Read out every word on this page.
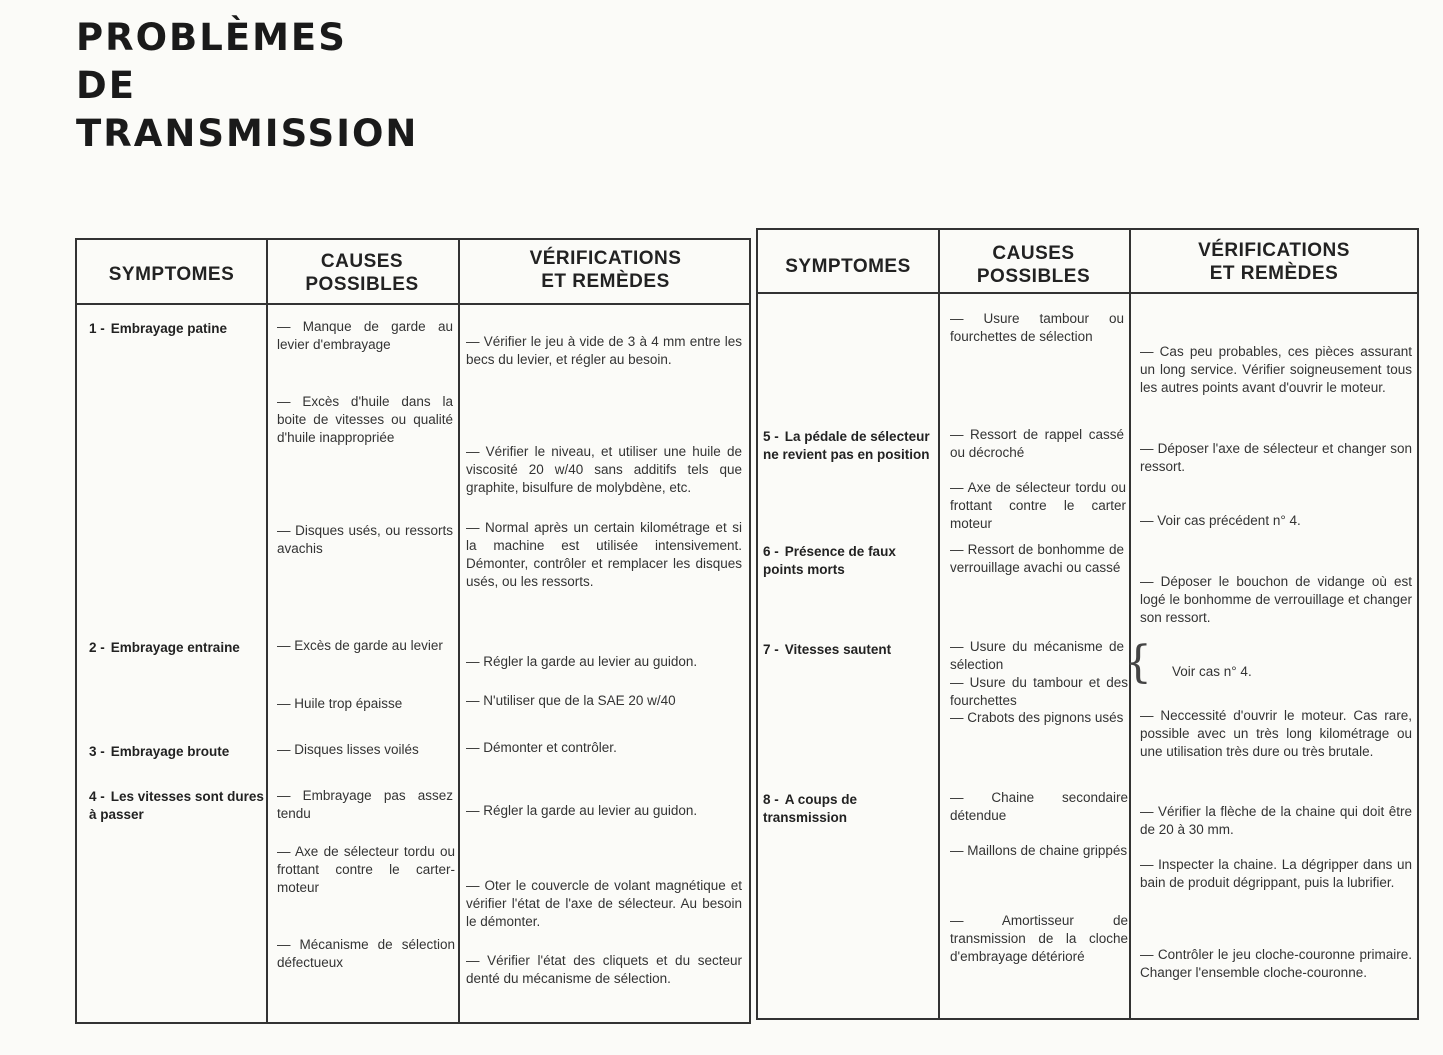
PROBLÈMES
DE
TRANSMISSION
SYMPTOMES
CAUSES
POSSIBLES
VÉRIFICATIONS
ET REMÈDES
1 - Embrayage patine
2 - Embrayage entraine
3 - Embrayage broute
4 - Les vitesses sont dures à passer
— Manque de garde au levier d'embrayage
— Excès d'huile dans la boite de vitesses ou qualité d'huile inappropriée
— Disques usés, ou ressorts avachis
— Excès de garde au levier
— Huile trop épaisse
— Disques lisses voilés
— Embrayage pas assez tendu
— Axe de sélecteur tordu ou frottant contre le carter-moteur
— Mécanisme de sélection défectueux
— Vérifier le jeu à vide de 3 à 4 mm entre les becs du levier, et régler au besoin.
— Vérifier le niveau, et utiliser une huile de viscosité 20 w/40 sans additifs tels que graphite, bisulfure de molybdène, etc.
— Normal après un certain kilométrage et si la machine est utilisée intensivement. Démonter, contrôler et remplacer les disques usés, ou les ressorts.
— Régler la garde au levier au guidon.
— N'utiliser que de la SAE 20 w/40
— Démonter et contrôler.
— Régler la garde au levier au guidon.
— Oter le couvercle de volant magnétique et vérifier l'état de l'axe de sélecteur. Au besoin le démonter.
— Vérifier l'état des cliquets et du secteur denté du mécanisme de sélection.
SYMPTOMES
CAUSES
POSSIBLES
VÉRIFICATIONS
ET REMÈDES
5 - La pédale de sélecteur ne revient pas en position
6 - Présence de faux points morts
7 - Vitesses sautent
8 - A coups de transmission
— Usure tambour ou fourchettes de sélection
— Ressort de rappel cassé ou décroché
— Axe de sélecteur tordu ou frottant contre le carter moteur
— Ressort de bonhomme de verrouillage avachi ou cassé
— Usure du mécanisme de sélection
— Usure du tambour et des fourchettes
— Crabots des pignons usés
— Chaine secondaire détendue
— Maillons de chaine grippés
— Amortisseur de transmission de la cloche d'embrayage détérioré
{
— Cas peu probables, ces pièces assurant un long service. Vérifier soigneusement tous les autres points avant d'ouvrir le moteur.
— Déposer l'axe de sélecteur et changer son ressort.
— Voir cas précédent n° 4.
— Déposer le bouchon de vidange où est logé le bonhomme de verrouillage et changer son ressort.
Voir cas n° 4.
— Neccessité d'ouvrir le moteur. Cas rare, possible avec un très long kilométrage ou une utilisation très dure ou très brutale.
— Vérifier la flèche de la chaine qui doit être de 20 à 30 mm.
— Inspecter la chaine. La dégripper dans un bain de produit dégrippant, puis la lubrifier.
— Contrôler le jeu cloche-couronne primaire. Changer l'ensemble cloche-couronne.
